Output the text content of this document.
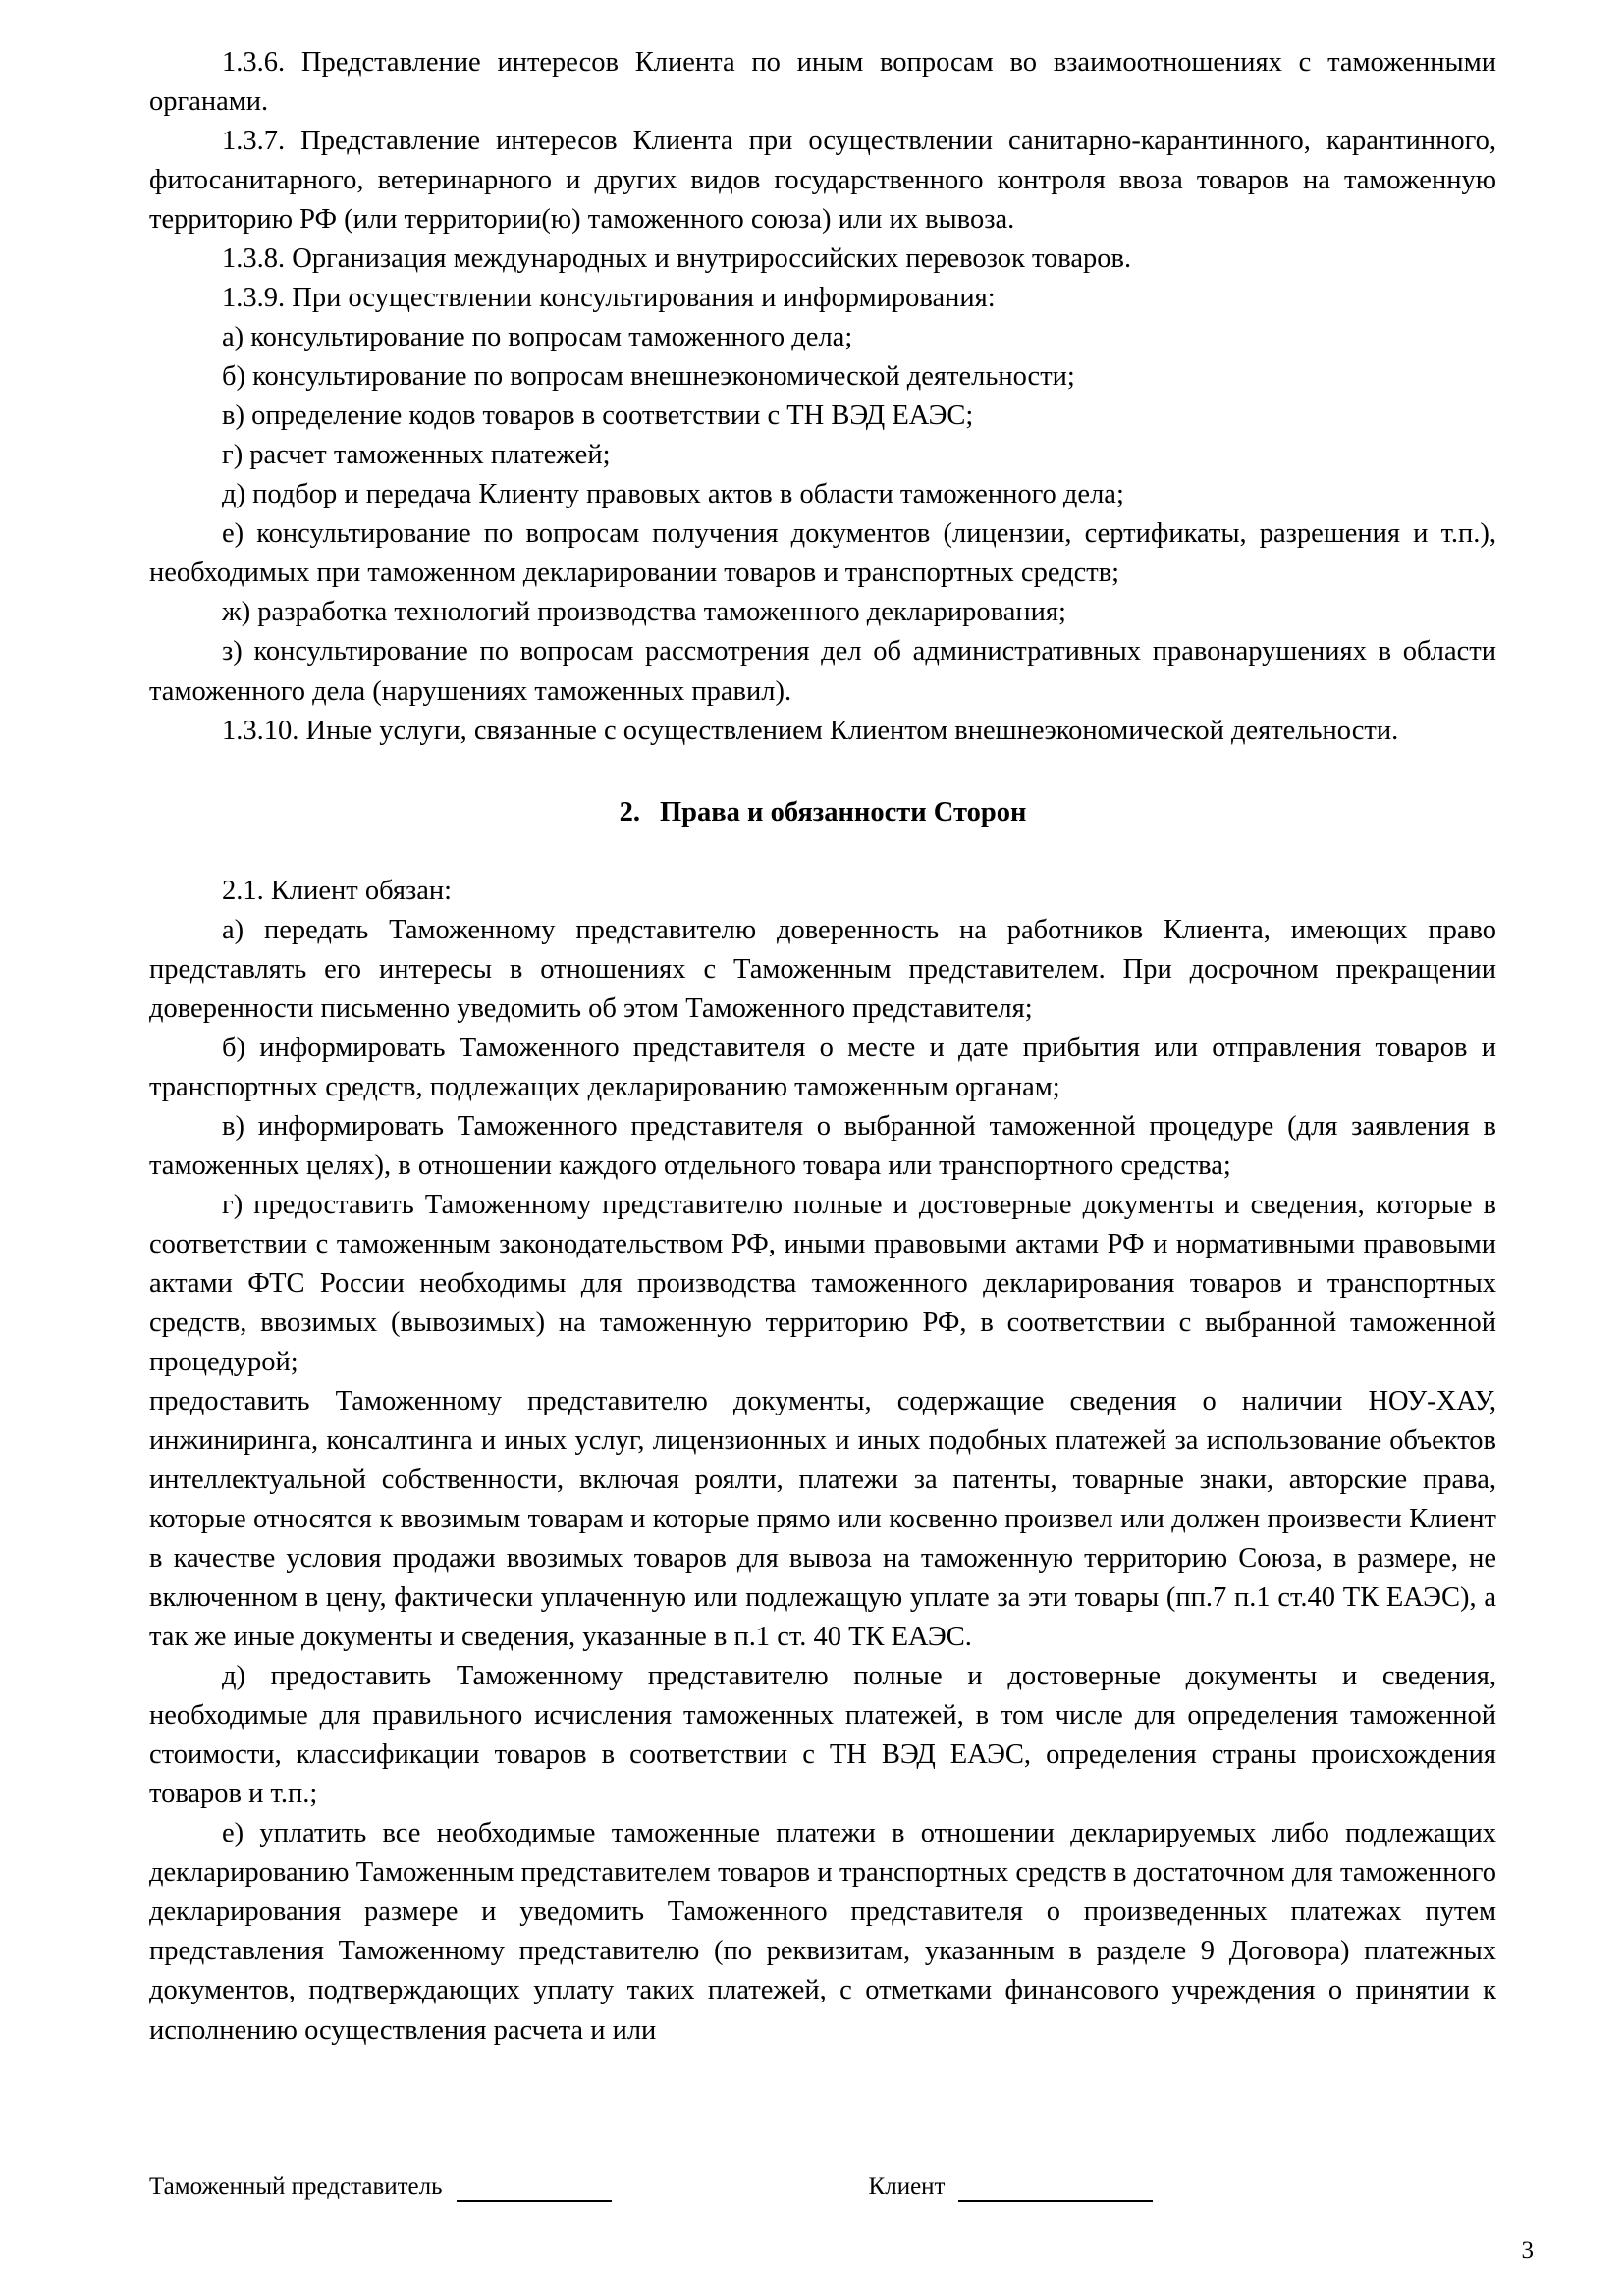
1.3.6. Представление интересов Клиента по иным вопросам во взаимоотношениях с таможенными органами.

1.3.7. Представление интересов Клиента при осуществлении санитарно-карантинного, карантинного, фитосанитарного, ветеринарного и других видов государственного контроля ввоза товаров на таможенную территорию РФ (или территории(ю) таможенного союза) или их вывоза.

1.3.8. Организация международных и внутрироссийских перевозок товаров.

1.3.9. При осуществлении консультирования и информирования:

а) консультирование по вопросам таможенного дела;

б) консультирование по вопросам внешнеэкономической деятельности;

в) определение кодов товаров в соответствии с ТН ВЭД ЕАЭС;

г) расчет таможенных платежей;

д) подбор и передача Клиенту правовых актов в области таможенного дела;

е) консультирование по вопросам получения документов (лицензии, сертификаты, разрешения и т.п.), необходимых при таможенном декларировании товаров и транспортных средств;

ж) разработка технологий производства таможенного декларирования;

з) консультирование по вопросам рассмотрения дел об административных правонарушениях в области таможенного дела (нарушениях таможенных правил).

1.3.10. Иные услуги, связанные с осуществлением Клиентом внешнеэкономической деятельности.

2. Права и обязанности Сторон

2.1. Клиент обязан:

а) передать Таможенному представителю доверенность на работников Клиента, имеющих право представлять его интересы в отношениях с Таможенным представителем. При досрочном прекращении доверенности письменно уведомить об этом Таможенного представителя;

б) информировать Таможенного представителя о месте и дате прибытия или отправления товаров и транспортных средств, подлежащих декларированию таможенным органам;

в) информировать Таможенного представителя о выбранной таможенной процедуре (для заявления в таможенных целях), в отношении каждого отдельного товара или транспортного средства;

г) предоставить Таможенному представителю полные и достоверные документы и сведения, которые в соответствии с таможенным законодательством РФ, иными правовыми актами РФ и нормативными правовыми актами ФТС России необходимы для производства таможенного декларирования товаров и транспортных средств, ввозимых (вывозимых) на таможенную территорию РФ, в соответствии с выбранной таможенной процедурой;

предоставить Таможенному представителю документы, содержащие сведения о наличии НОУ-ХАУ, инжиниринга, консалтинга и иных услуг, лицензионных и иных подобных платежей за использование объектов интеллектуальной собственности, включая роялти, платежи за патенты, товарные знаки, авторские права, которые относятся к ввозимым товарам и которые прямо или косвенно произвел или должен произвести Клиент в качестве условия продажи ввозимых товаров для вывоза на таможенную территорию Союза, в размере, не включенном в цену, фактически уплаченную или подлежащую уплате за эти товары (пп.7 п.1 ст.40 ТК ЕАЭС), а так же иные документы и сведения, указанные в п.1 ст. 40 ТК ЕАЭС.

д) предоставить Таможенному представителю полные и достоверные документы и сведения, необходимые для правильного исчисления таможенных платежей, в том числе для определения таможенной стоимости, классификации товаров в соответствии с ТН ВЭД ЕАЭС, определения страны происхождения товаров и т.п.;

е) уплатить все необходимые таможенные платежи в отношении декларируемых либо подлежащих декларированию Таможенным представителем товаров и транспортных средств в достаточном для таможенного декларирования размере и уведомить Таможенного представителя о произведенных платежах путем представления Таможенному представителю (по реквизитам, указанным в разделе 9 Договора) платежных документов, подтверждающих уплату таких платежей, с отметками финансового учреждения о принятии к исполнению осуществления расчета и или

Таможенный представитель	Клиент
3
